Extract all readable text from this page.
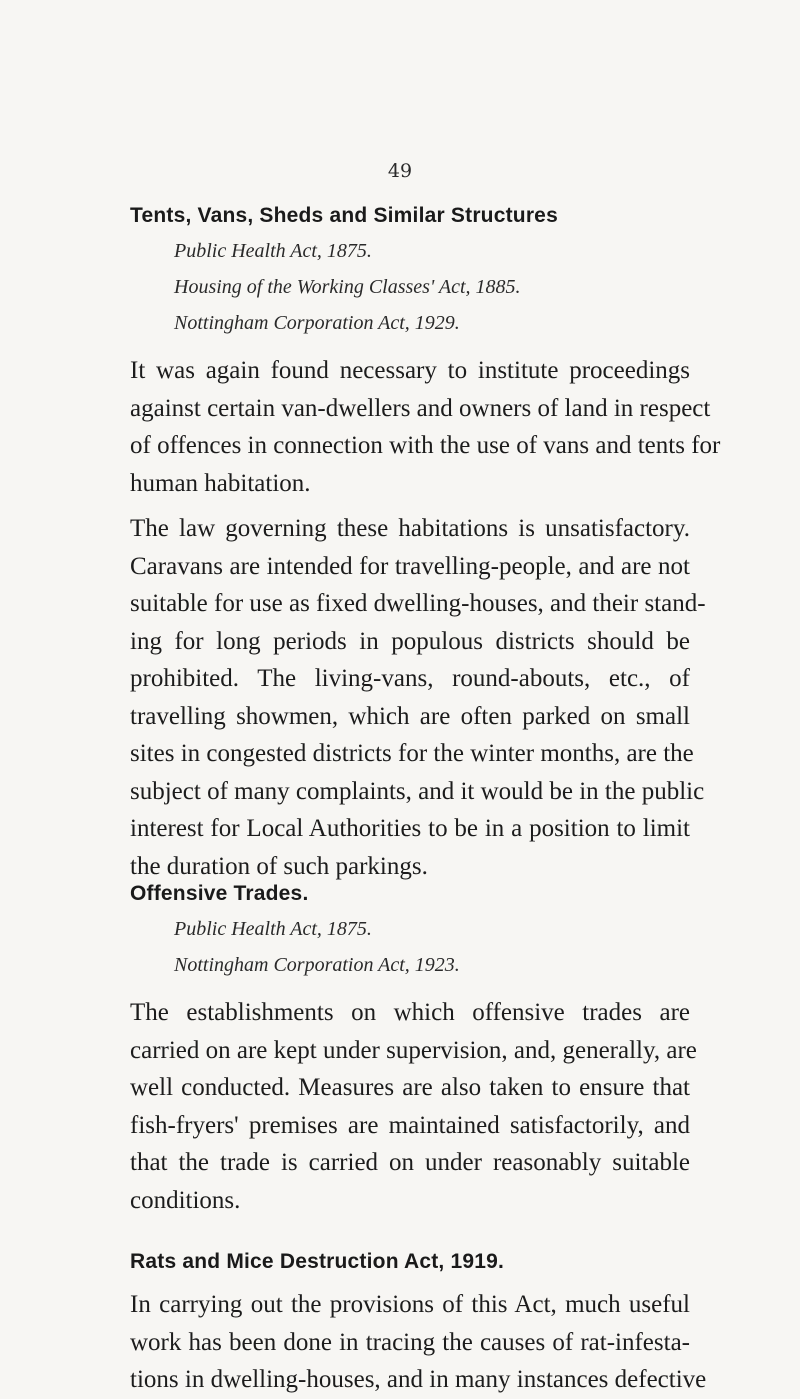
49
Tents, Vans, Sheds and Similar Structures
Public Health Act, 1875.
Housing of the Working Classes' Act, 1885.
Nottingham Corporation Act, 1929.
It was again found necessary to institute proceedings
against certain van-dwellers and owners of land in respect
of offences in connection with the use of vans and tents for
human habitation.
The law governing these habitations is unsatisfactory.
Caravans are intended for travelling-people, and are not
suitable for use as fixed dwelling-houses, and their stand-
ing for long periods in populous districts should be
prohibited. The living-vans, round-abouts, etc., of
travelling showmen, which are often parked on small
sites in congested districts for the winter months, are the
subject of many complaints, and it would be in the public
interest for Local Authorities to be in a position to limit
the duration of such parkings.
Offensive Trades.
Public Health Act, 1875.
Nottingham Corporation Act, 1923.
The establishments on which offensive trades are
carried on are kept under supervision, and, generally, are
well conducted. Measures are also taken to ensure that
fish-fryers' premises are maintained satisfactorily, and
that the trade is carried on under reasonably suitable
conditions.
Rats and Mice Destruction Act, 1919.
In carrying out the provisions of this Act, much useful
work has been done in tracing the causes of rat-infesta-
tions in dwelling-houses, and in many instances defective
